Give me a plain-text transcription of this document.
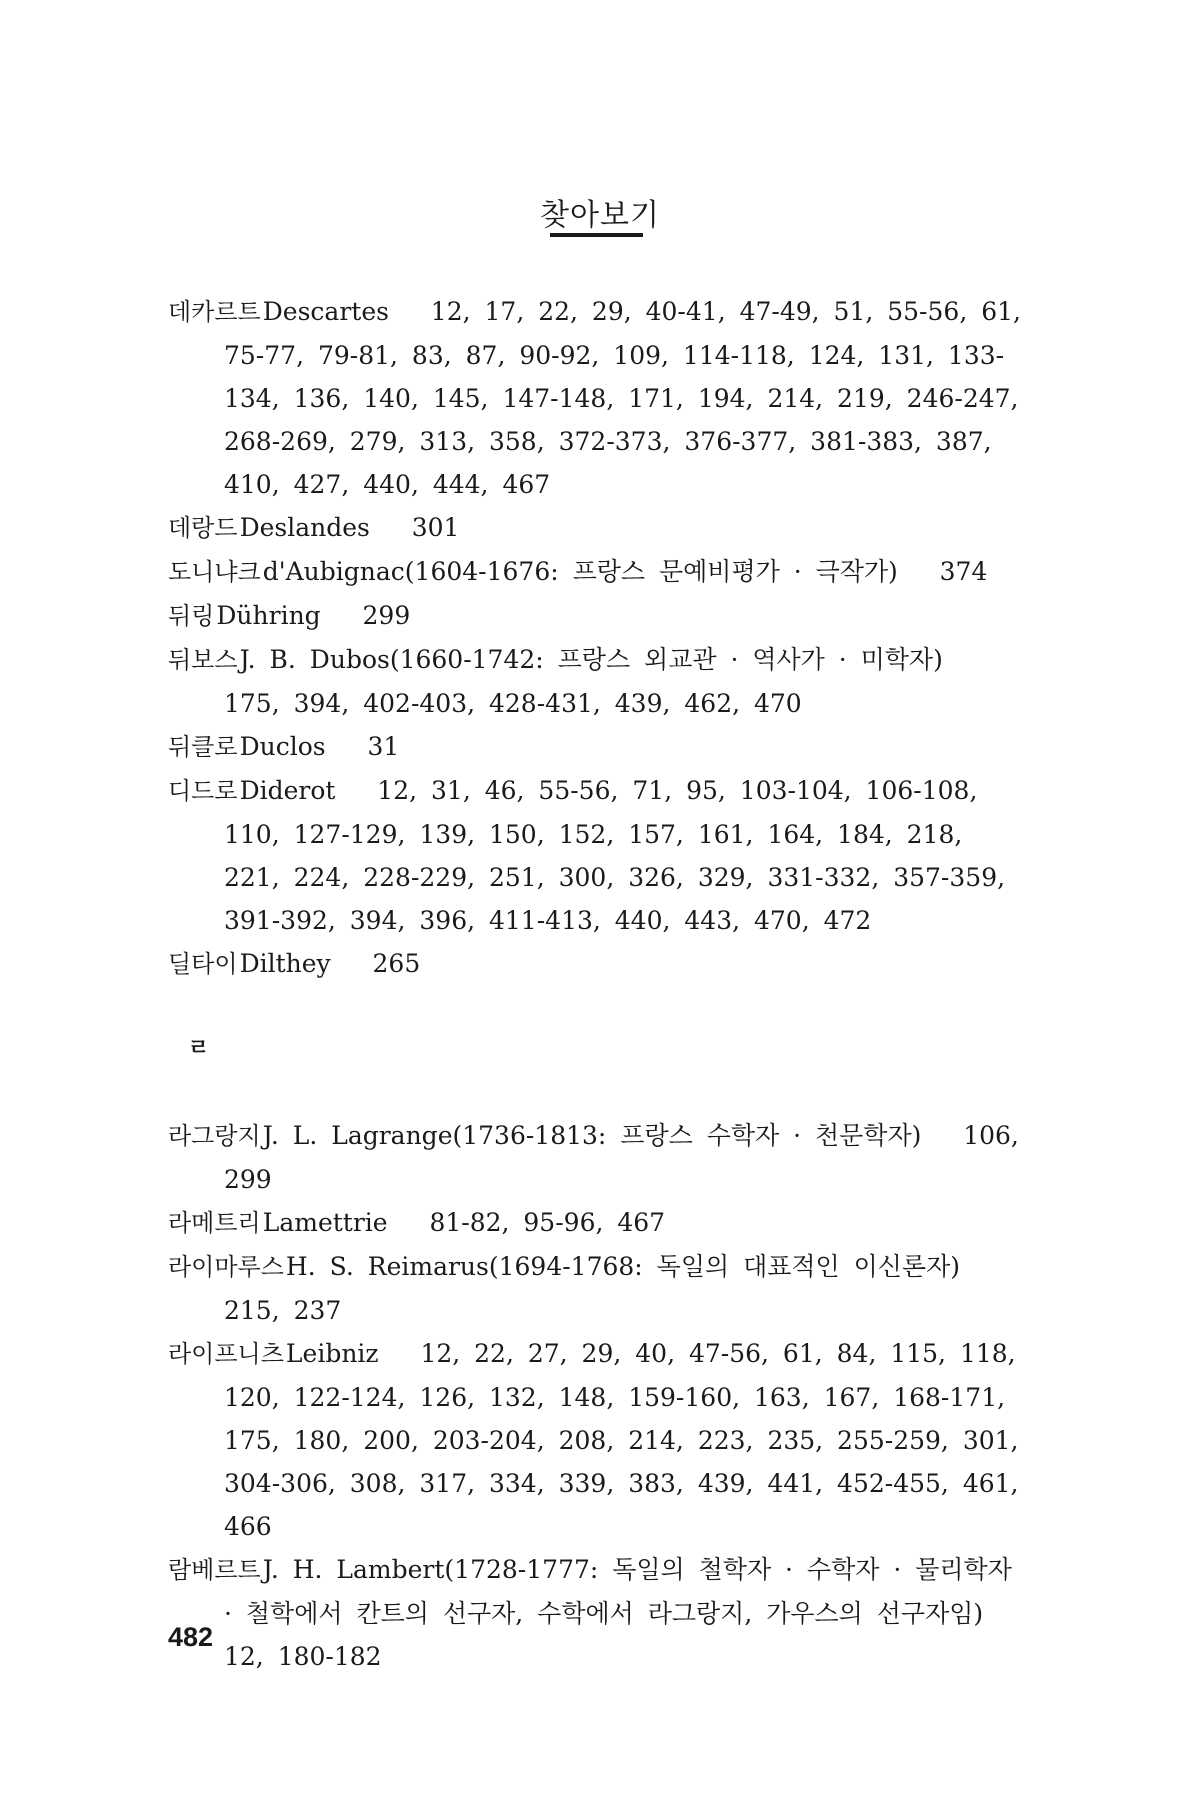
찾아보기
데카르트Descartes 12, 17, 22, 29, 40-41, 47-49, 51, 55-56, 61, 75-77, 79-81, 83, 87, 90-92, 109, 114-118, 124, 131, 133-134, 136, 140, 145, 147-148, 171, 194, 214, 219, 246-247, 268-269, 279, 313, 358, 372-373, 376-377, 381-383, 387, 410, 427, 440, 444, 467
데랑드Deslandes 301
도니냐크d'Aubignac(1604-1676: 프랑스 문예비평가 · 극작가) 374
뒤링Dühring 299
뒤보스J. B. Dubos(1660-1742: 프랑스 외교관 · 역사가 · 미학자)   175, 394, 402-403, 428-431, 439, 462, 470
뒤클로Duclos 31
디드로Diderot 12, 31, 46, 55-56, 71, 95, 103-104, 106-108, 110, 127-129, 139, 150, 152, 157, 161, 164, 184, 218, 221, 224, 228-229, 251, 300, 326, 329, 331-332, 357-359, 391-392, 394, 396, 411-413, 440, 443, 470, 472
딜타이Dilthey 265
ㄹ
라그랑지J. L. Lagrange(1736-1813: 프랑스 수학자 · 천문학자) 106, 299
라메트리Lamettrie 81-82, 95-96, 467
라이마루스H. S. Reimarus(1694-1768: 독일의 대표적인 이신론자)   215, 237
라이프니츠Leibniz 12, 22, 27, 29, 40, 47-56, 61, 84, 115, 118, 120, 122-124, 126, 132, 148, 159-160, 163, 167, 168-171, 175, 180, 200, 203-204, 208, 214, 223, 235, 255-259, 301, 304-306, 308, 317, 334, 339, 383, 439, 441, 452-455, 461, 466
람베르트J. H. Lambert(1728-1777: 독일의 철학자 · 수학자 · 물리학자 · 철학에서 칸트의 선구자, 수학에서 라그랑지, 가우스의 선구자임)   12, 180-182
482
